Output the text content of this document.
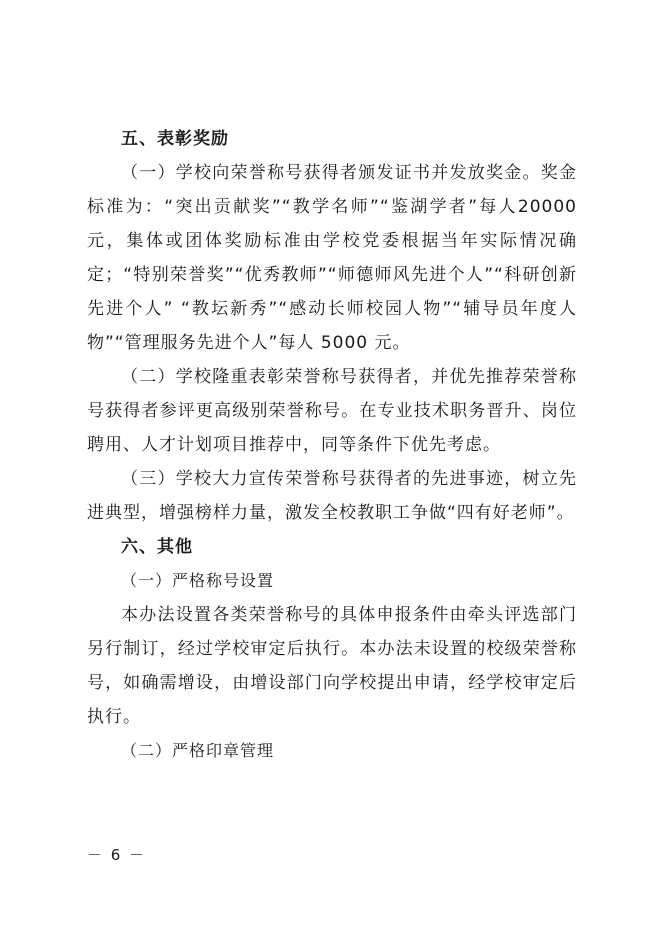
五、表彰奖励

（一）学校向荣誉称号获得者颁发证书并发放奖金。奖金标准为：“突出贡献奖”“教学名师”“鉴湖学者”每人20000 元，集体或团体奖励标准由学校党委根据当年实际情况确定；“特别荣誉奖”“优秀教师”“师德师风先进个人”“科研创新先进个人” “教坛新秀”“感动长师校园人物”“辅导员年度人物”“管理服务先进个人”每人 5000 元。

（二）学校隆重表彰荣誉称号获得者，并优先推荐荣誉称号获得者参评更高级别荣誉称号。在专业技术职务晋升、岗位聘用、人才计划项目推荐中，同等条件下优先考虑。

（三）学校大力宣传荣誉称号获得者的先进事迹，树立先进典型，增强榜样力量，激发全校教职工争做“四有好老师”。

六、其他
（一）严格称号设置

本办法设置各类荣誉称号的具体申报条件由牵头评选部门另行制订，经过学校审定后执行。本办法未设置的校级荣誉称号，如确需增设，由增设部门向学校提出申请，经学校审定后执行。

（二）严格印章管理
－ 6 －
